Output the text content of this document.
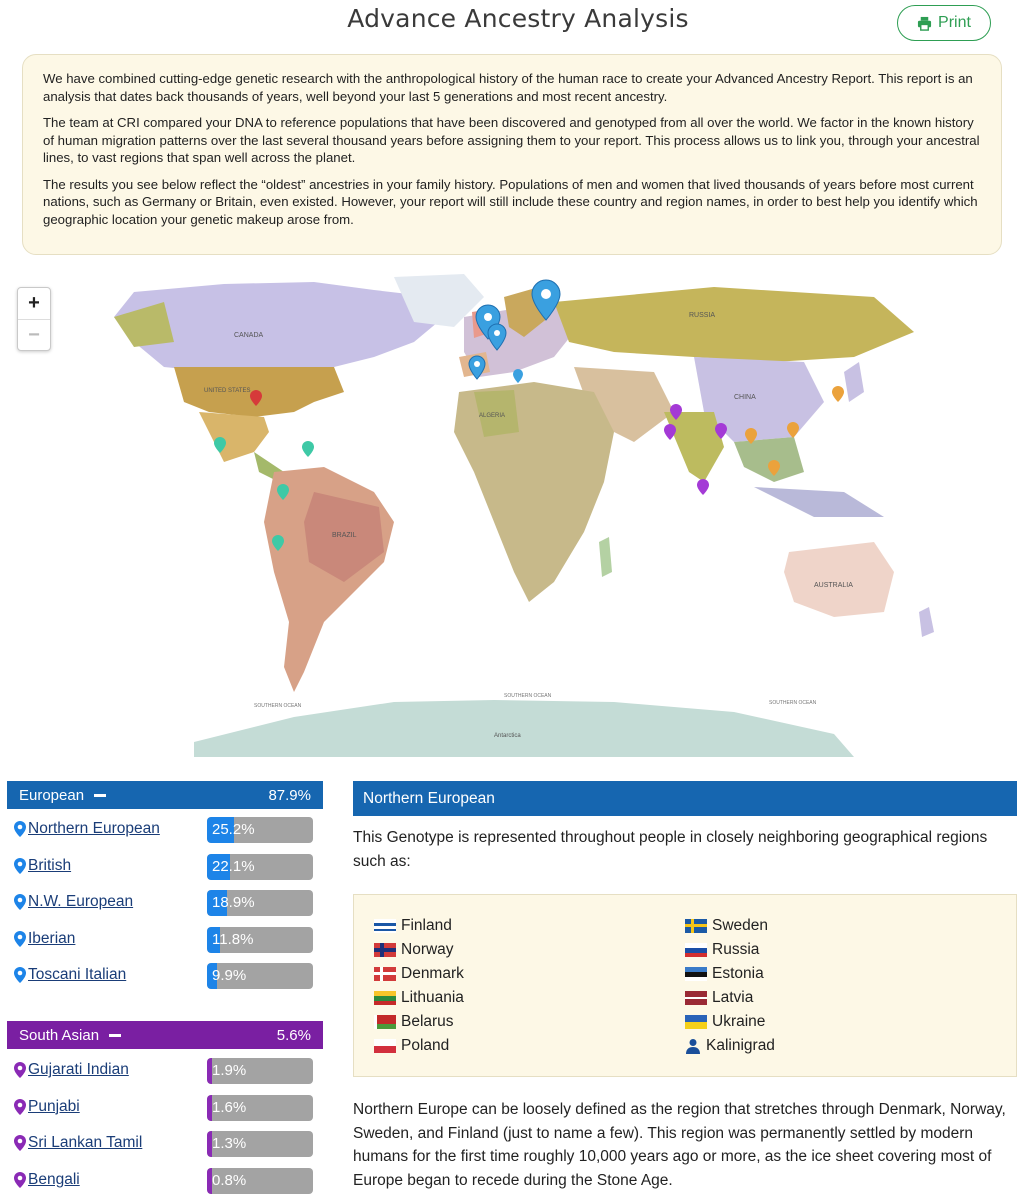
Advance Ancestry Analysis	Print

We have combined cutting-edge genetic research with the anthropological history of the human race to create your Advanced Ancestry Report. This report is an analysis that dates back thousands of years, well beyond your last 5 generations and most recent ancestry.

The team at CRI compared your DNA to reference populations that have been discovered and genotyped from all over the world. We factor in the known history of human migration patterns over the last several thousand years before assigning them to your report. This process allows us to link you, through your ancestral lines, to vast regions that span well across the planet.

The results you see below reflect the “oldest” ancestries in your family history. Populations of men and women that lived thousands of years before most current nations, such as Germany or Britain, even existed. However, your report will still include these country and region names, in order to best help you identify which geographic location your genetic makeup arose from.

CANADA
UNITED STATES
RUSSIA
CHINA
ALGERIA
BRAZIL
AUSTRALIA
Antarctica
SOUTHERN OCEAN
SOUTHERN OCEAN
SOUTHERN OCEAN
+
−
European	87.9%
Northern European	25.2%
British	22.1%
N.W. European	18.9%
Iberian	11.8%
Toscani Italian	9.9%
South Asian	5.6%
Gujarati Indian	1.9%
Punjabi	1.6%
Sri Lankan Tamil	1.3%
Bengali	0.8%
Northern European
This Genotype is represented throughout people in closely neighboring geographical regions such as:
Finland
Norway
Denmark
Lithuania
Belarus
Poland
Sweden
Russia
Estonia
Latvia
Ukraine
Kalinigrad
Northern Europe can be loosely defined as the region that stretches through Denmark, Norway, Sweden, and Finland (just to name a few). This region was permanently settled by modern humans for the first time roughly 10,000 years ago or more, as the ice sheet covering most of Europe began to recede during the Stone Age.
